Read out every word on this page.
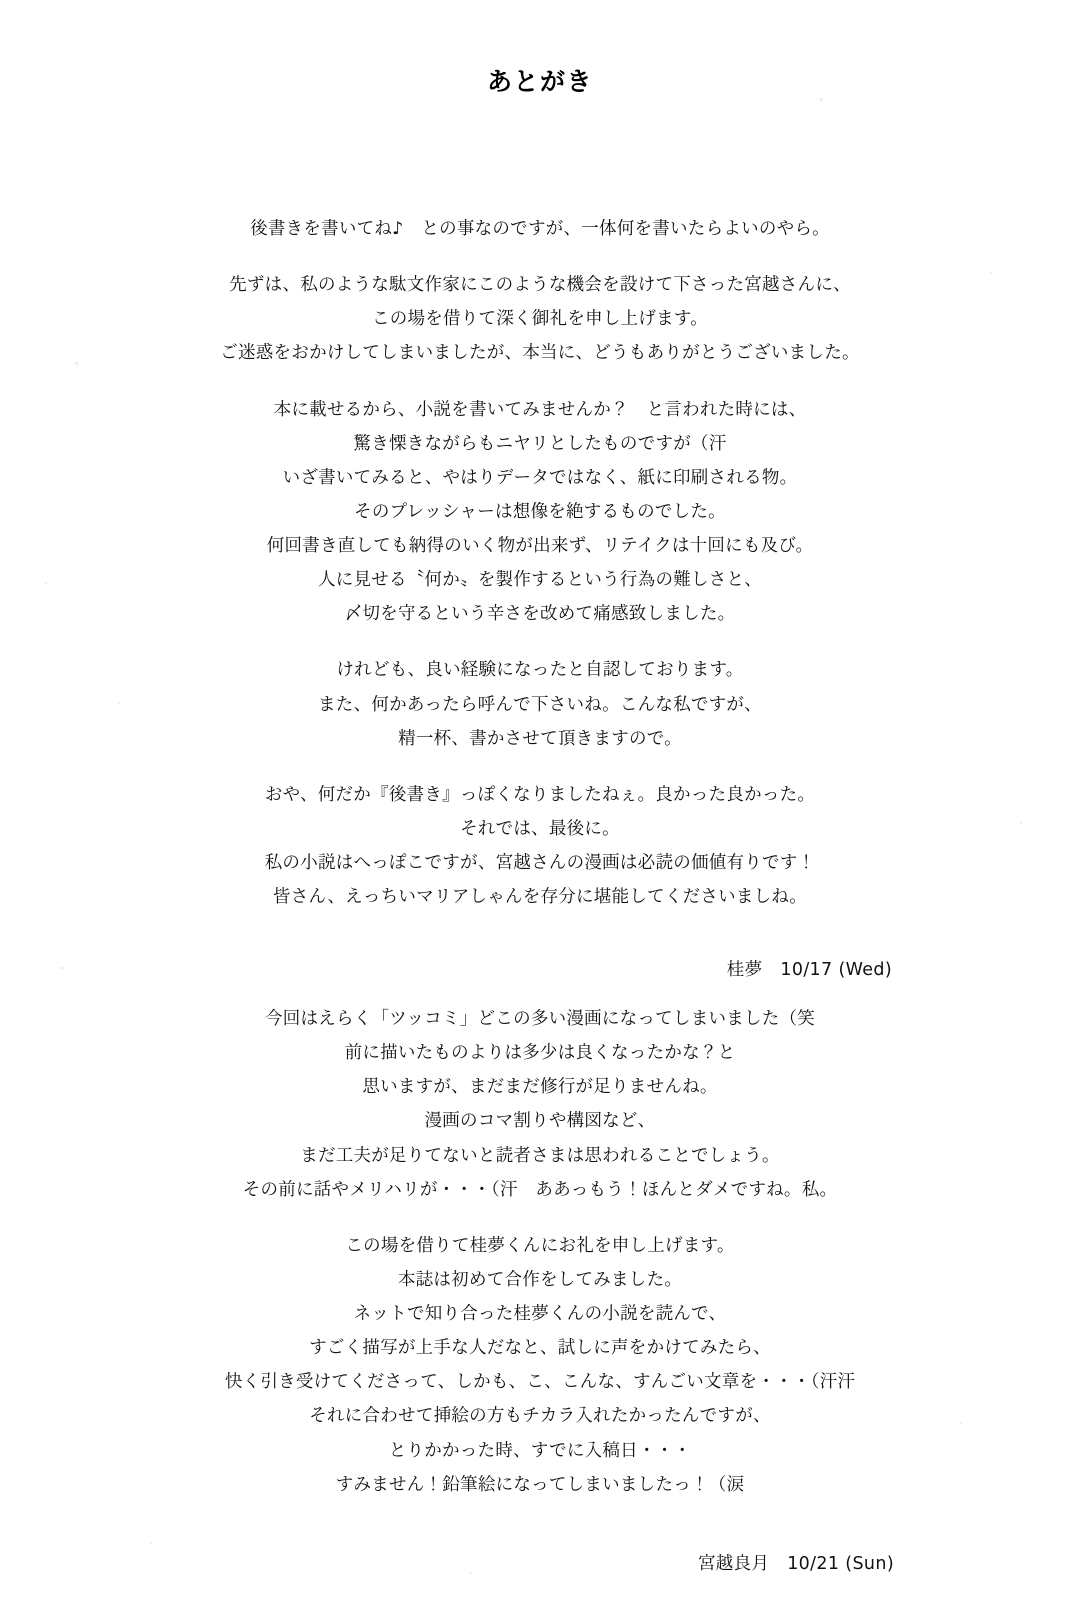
あとがき

後書きを書いてね♪　との事なのですが、一体何を書いたらよいのやら。

先ずは、私のような駄文作家にこのような機会を設けて下さった宮越さんに、

この場を借りて深く御礼を申し上げます。

ご迷惑をおかけしてしまいましたが、本当に、どうもありがとうございました。

本に載せるから、小説を書いてみませんか？　と言われた時には、

驚き慄きながらもニヤリとしたものですが（汗

いざ書いてみると、やはりデータではなく、紙に印刷される物。

そのプレッシャーは想像を絶するものでした。

何回書き直しても納得のいく物が出来ず、リテイクは十回にも及び。

人に見せる〝何か〟を製作するという行為の難しさと、

〆切を守るという辛さを改めて痛感致しました。

けれども、良い経験になったと自認しております。

また、何かあったら呼んで下さいね。こんな私ですが、

精一杯、書かさせて頂きますので。

おや、何だか『後書き』っぽくなりましたねぇ。良かった良かった。

それでは、最後に。

私の小説はへっぽこですが、宮越さんの漫画は必読の価値有りです！

皆さん、えっちいマリアしゃんを存分に堪能してくださいましね。

桂夢　10/17 (Wed)

今回はえらく「ツッコミ」どこの多い漫画になってしまいました（笑

前に描いたものよりは多少は良くなったかな？と

思いますが、まだまだ修行が足りませんね。

漫画のコマ割りや構図など、

まだ工夫が足りてないと読者さまは思われることでしょう。

その前に話やメリハリが・・・（汗　ああっもう！ほんとダメですね。私。

この場を借りて桂夢くんにお礼を申し上げます。

本誌は初めて合作をしてみました。

ネットで知り合った桂夢くんの小説を読んで、

すごく描写が上手な人だなと、試しに声をかけてみたら、

快く引き受けてくださって、しかも、こ、こんな、すんごい文章を・・・（汗汗

それに合わせて挿絵の方もチカラ入れたかったんですが、

とりかかった時、すでに入稿日・・・

すみません！鉛筆絵になってしまいましたっ！（涙

宮越良月　10/21 (Sun)
